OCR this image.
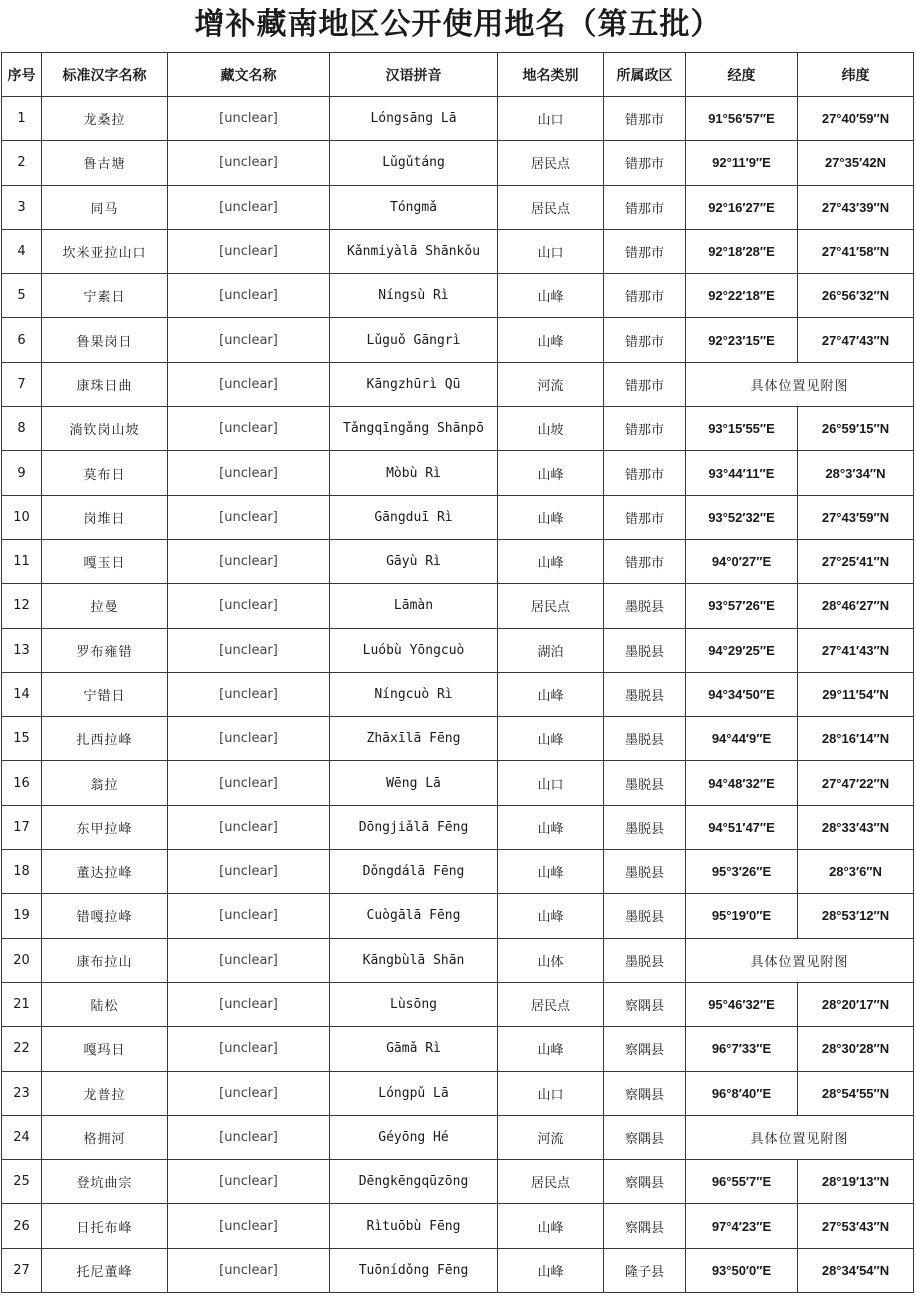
增补藏南地区公开使用地名（第五批）
序号	标准汉字名称	藏文名称	汉语拼音	地名类别	所属政区	经度	纬度
1	龙桑拉	[unclear]	Lóngsāng Lā	山口	错那市	91°56′57″E	27°40′59″N
2	鲁古塘	[unclear]	Lǔgǔtáng	居民点	错那市	92°11′9″E	27°35′42N
3	同马	[unclear]	Tóngmǎ	居民点	错那市	92°16′27″E	27°43′39″N
4	坎米亚拉山口	[unclear]	Kǎnmiyàlā Shānkǒu	山口	错那市	92°18′28″E	27°41′58″N
5	宁素日	[unclear]	Níngsù Rì	山峰	错那市	92°22′18″E	26°56′32″N
6	鲁果岗日	[unclear]	Lǔguǒ Gāngrì	山峰	错那市	92°23′15″E	27°47′43″N
7	康珠日曲	[unclear]	Kāngzhūrì Qū	河流	错那市	具体位置见附图	
8	淌钦岗山坡	[unclear]	Tǎngqīngǎng Shānpō	山坡	错那市	93°15′55″E	26°59′15″N
9	莫布日	[unclear]	Mòbù Rì	山峰	错那市	93°44′11″E	28°3′34″N
10	岗堆日	[unclear]	Gāngduī Rì	山峰	错那市	93°52′32″E	27°43′59″N
11	嘎玉日	[unclear]	Gāyù Rì	山峰	错那市	94°0′27″E	27°25′41″N
12	拉曼	[unclear]	Lāmàn	居民点	墨脱县	93°57′26″E	28°46′27″N
13	罗布雍错	[unclear]	Luóbù Yōngcuò	湖泊	墨脱县	94°29′25″E	27°41′43″N
14	宁错日	[unclear]	Níngcuò Rì	山峰	墨脱县	94°34′50″E	29°11′54″N
15	扎西拉峰	[unclear]	Zhāxīlā Fēng	山峰	墨脱县	94°44′9″E	28°16′14″N
16	翁拉	[unclear]	Wēng Lā	山口	墨脱县	94°48′32″E	27°47′22″N
17	东甲拉峰	[unclear]	Dōngjiǎlā Fēng	山峰	墨脱县	94°51′47″E	28°33′43″N
18	董达拉峰	[unclear]	Dǒngdálā Fēng	山峰	墨脱县	95°3′26″E	28°3′6″N
19	错嘎拉峰	[unclear]	Cuògālā Fēng	山峰	墨脱县	95°19′0″E	28°53′12″N
20	康布拉山	[unclear]	Kāngbùlā Shān	山体	墨脱县	具体位置见附图	
21	陆松	[unclear]	Lùsōng	居民点	察隅县	95°46′32″E	28°20′17″N
22	嘎玛日	[unclear]	Gāmǎ Rì	山峰	察隅县	96°7′33″E	28°30′28″N
23	龙普拉	[unclear]	Lóngpǔ Lā	山口	察隅县	96°8′40″E	28°54′55″N
24	格拥河	[unclear]	Géyōng Hé	河流	察隅县	具体位置见附图	
25	登坑曲宗	[unclear]	Dēngkēngqūzōng	居民点	察隅县	96°55′7″E	28°19′13″N
26	日托布峰	[unclear]	Rìtuōbù Fēng	山峰	察隅县	97°4′23″E	27°53′43″N
27	托尼董峰	[unclear]	Tuōnídǒng Fēng	山峰	隆子县	93°50′0″E	28°34′54″N
